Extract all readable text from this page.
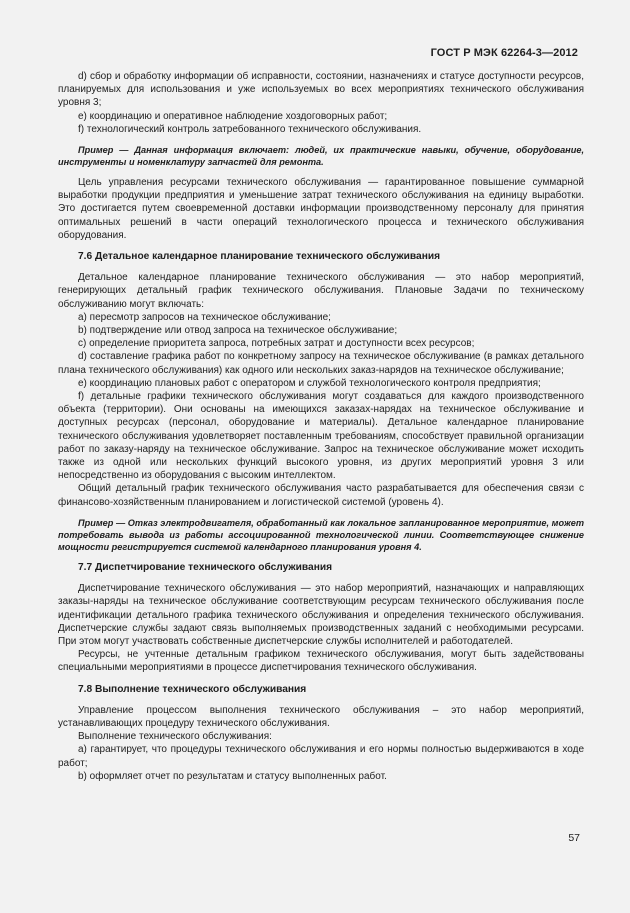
ГОСТ Р МЭК 62264-3—2012

d) сбор и обработку информации об исправности, состоянии, назначениях и статусе доступности ресурсов, планируемых для использования и уже используемых во всех мероприятиях технического обслуживания уровня 3;

e) координацию и оперативное наблюдение хоздоговорных работ;

f) технологический контроль затребованного технического обслуживания.

Пример — Данная информация включает: людей, их практические навыки, обучение, оборудование, инструменты и номенклатуру запчастей для ремонта.

Цель управления ресурсами технического обслуживания — гарантированное повышение суммарной выработки продукции предприятия и уменьшение затрат технического обслуживания на единицу выработки. Это достигается путем своевременной доставки информации производственному персоналу для принятия оптимальных решений в части операций технологического процесса и технического обслуживания оборудования.

7.6 Детальное календарное планирование технического обслуживания

Детальное календарное планирование технического обслуживания — это набор мероприятий, генерирующих детальный график технического обслуживания. Плановые Задачи по техническому обслуживанию могут включать:

a) пересмотр запросов на техническое обслуживание;

b) подтверждение или отвод запроса на техническое обслуживание;

c) определение приоритета запроса, потребных затрат и доступности всех ресурсов;

d) составление графика работ по конкретному запросу на техническое обслуживание (в рамках детального плана технического обслуживания) как одного или нескольких заказ-нарядов на техническое обслуживание;

e) координацию плановых работ с оператором и службой технологического контроля предприятия;

f) детальные графики технического обслуживания могут создаваться для каждого производственного объекта (территории). Они основаны на имеющихся заказах-нарядах на техническое обслуживание и доступных ресурсах (персонал, оборудование и материалы). Детальное календарное планирование технического обслуживания удовлетворяет поставленным требованиям, способствует правильной организации работ по заказу-наряду на техническое обслуживание. Запрос на техническое обслуживание может исходить также из одной или нескольких функций высокого уровня, из других мероприятий уровня 3 или непосредственно из оборудования с высоким интеллектом.

Общий детальный график технического обслуживания часто разрабатывается для обеспечения связи с финансово-хозяйственным планированием и логистической системой (уровень 4).

Пример — Отказ электродвигателя, обработанный как локальное запланированное мероприятие, может потребовать вывода из работы ассоциированной технологической линии. Соответствующее снижение мощности регистрируется системой календарного планирования уровня 4.

7.7 Диспетчирование технического обслуживания

Диспетчирование технического обслуживания — это набор мероприятий, назначающих и направляющих заказы-наряды на техническое обслуживание соответствующим ресурсам технического обслуживания после идентификации детального графика технического обслуживания и определения технического обслуживания. Диспетчерские службы задают связь выполняемых производственных заданий с необходимыми ресурсами. При этом могут участвовать собственные диспетчерские службы исполнителей и работодателей.

Ресурсы, не учтенные детальным графиком технического обслуживания, могут быть задействованы специальными мероприятиями в процессе диспетчирования технического обслуживания.

7.8 Выполнение технического обслуживания

Управление процессом выполнения технического обслуживания – это набор мероприятий, устанавливающих процедуру технического обслуживания.

Выполнение технического обслуживания:

a) гарантирует, что процедуры технического обслуживания и его нормы полностью выдерживаются в ходе работ;

b) оформляет отчет по результатам и статусу выполненных работ.

57
